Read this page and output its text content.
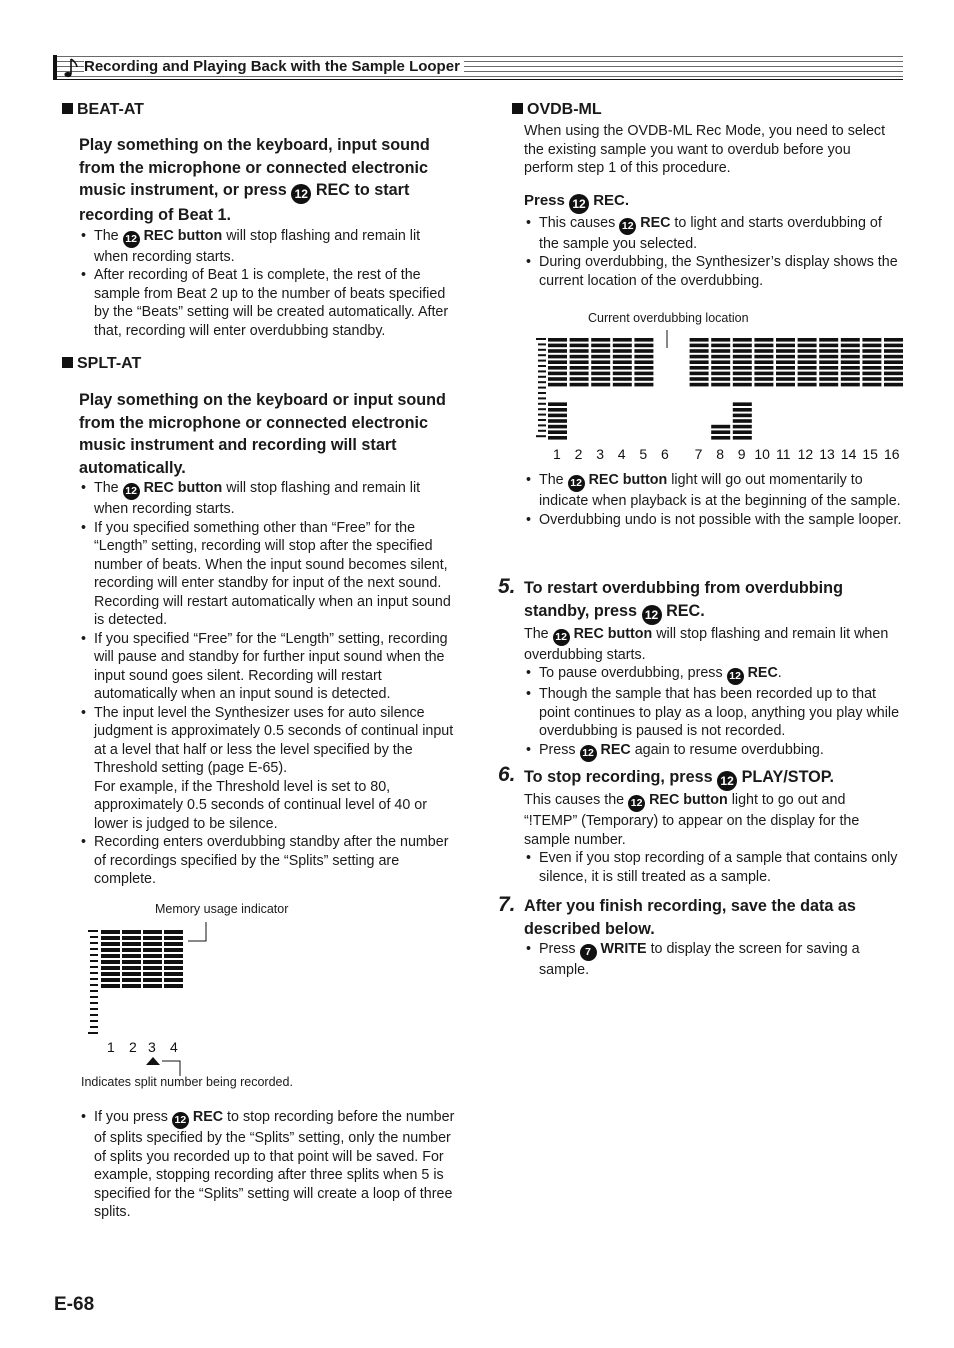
Recording and Playing Back with the Sample Looper
BEAT-AT
Play something on the keyboard, input sound from the microphone or connected electronic music instrument, or press 12 REC to start recording of Beat 1.
• The 12 REC button will stop flashing and remain lit when recording starts.
• After recording of Beat 1 is complete, the rest of the sample from Beat 2 up to the number of beats specified by the “Beats” setting will be created automatically. After that, recording will enter overdubbing standby.
SPLT-AT
Play something on the keyboard or input sound from the microphone or connected electronic music instrument and recording will start automatically.
• The 12 REC button will stop flashing and remain lit when recording starts.
• If you specified something other than “Free” for the “Length” setting, recording will stop after the specified number of beats. When the input sound becomes silent, recording will enter standby for input of the next sound. Recording will restart automatically when an input sound is detected.
• If you specified “Free” for the “Length” setting, recording will pause and standby for further input sound when the input sound goes silent. Recording will restart automatically when an input sound is detected.
• The input level the Synthesizer uses for auto silence judgment is approximately 0.5 seconds of continual input at a level that half or less the level specified by the Threshold setting (page E-65).
For example, if the Threshold level is set to 80, approximately 0.5 seconds of continual level of 40 or lower is judged to be silence.
• Recording enters overdubbing standby after the number of recordings specified by the “Splits” setting are complete.
Memory usage indicator
1 2 3 4
Indicates split number being recorded.
• If you press 12 REC to stop recording before the number of splits specified by the “Splits” setting, only the number of splits you recorded up to that point will be saved. For example, stopping recording after three splits when 5 is specified for the “Splits” setting will create a loop of three splits.
OVDB-ML
When using the OVDB-ML Rec Mode, you need to select the existing sample you want to overdub before you perform step 1 of this procedure.
Press 12 REC.
• This causes 12 REC to light and starts overdubbing of the sample you selected.
• During overdubbing, the Synthesizer’s display shows the current location of the overdubbing.
Current overdubbing location
1 2 3 4 5 6 7 8 9 10 11 12 13 14 15 16
• The 12 REC button light will go out momentarily to indicate when playback is at the beginning of the sample.
• Overdubbing undo is not possible with the sample looper.
5. To restart overdubbing from overdubbing standby, press 12 REC.
The 12 REC button will stop flashing and remain lit when overdubbing starts.
• To pause overdubbing, press 12 REC.
• Though the sample that has been recorded up to that point continues to play as a loop, anything you play while overdubbing is paused is not recorded.
• Press 12 REC again to resume overdubbing.
6. To stop recording, press 12 PLAY/STOP.
This causes the 12 REC button light to go out and “!TEMP” (Temporary) to appear on the display for the sample number.
• Even if you stop recording of a sample that contains only silence, it is still treated as a sample.
7. After you finish recording, save the data as described below.
• Press 7 WRITE to display the screen for saving a sample.
E-68
